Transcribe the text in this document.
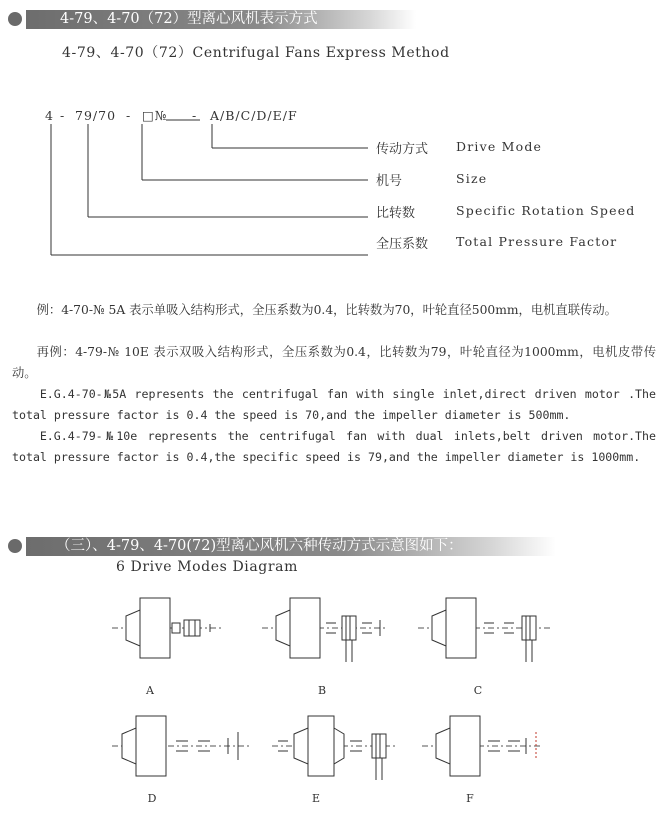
4-79、4-70（72）型离心风机表示方式
4-79、4-70（72）Centrifugal Fans Express Method
4 - 79/70 - □№ - A/B/C/D/E/F
传动方式 Drive Mode
机号	Size
比转数	Specific Rotation Speed
全压系数 Total Pressure Factor

例：4-70-№ 5A 表示单吸入结构形式，全压系数为0.4，比转数为70，叶轮直径500mm，电机直联传动。

再例：4-79-№ 10E 表示双吸入结构形式，全压系数为0.4，比转数为79，叶轮直径为1000mm，电机皮带传动。

E.G.4-70-№5A represents the centrifugal fan with single inlet,direct driven motor .The total pressure factor is 0.4 the speed is 70,and the impeller diameter is 500mm.

E.G.4-79-№10e represents the centrifugal fan with dual inlets,belt driven motor.The total pressure factor is 0.4,the specific speed is 79,and the impeller diameter is 1000mm.

（三）、4-79、4-70(72)型离心风机六种传动方式示意图如下：
6 Drive Modes Diagram
A	B	C
D	E	F
